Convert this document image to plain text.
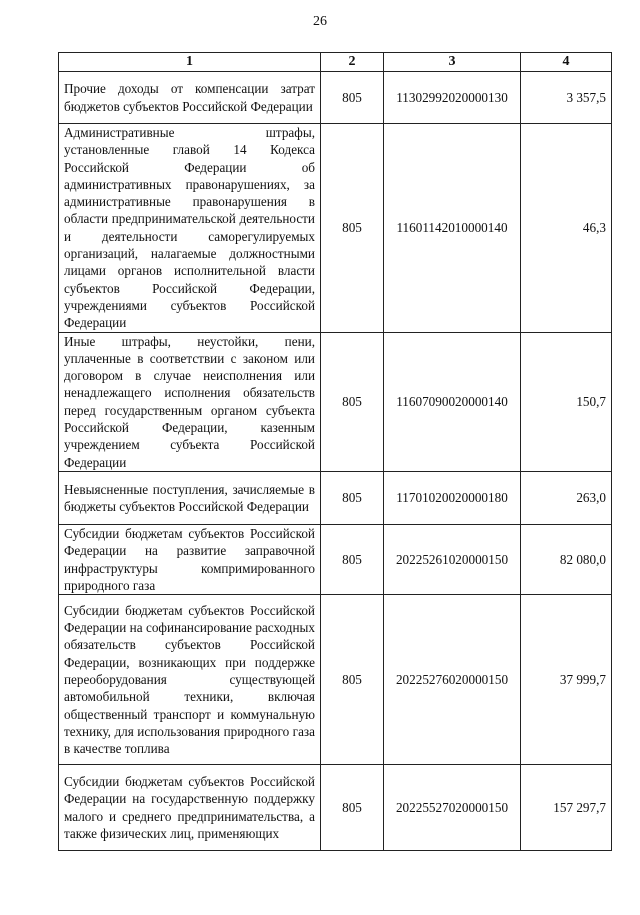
26
1	2	3	4
Прочие доходы от компенсации затрат бюджетов субъектов Российской Федерации	805	11302992020000130	3 357,5
Административные штрафы, установленные главой 14 Кодекса Российской Федерации об административных правонарушениях, за административные правонарушения в области предпринимательской деятельности и деятельности саморегулируемых организаций, налагаемые должностными лицами органов исполнительной власти субъектов Российской Федерации, учреждениями субъектов Российской Федерации	805	11601142010000140	46,3
Иные штрафы, неустойки, пени, уплаченные в соответствии с законом или договором в случае неисполнения или ненадлежащего исполнения обязательств перед государственным органом субъекта Российской Федерации, казенным учреждением субъекта Российской Федерации	805	11607090020000140	150,7
Невыясненные поступления, зачисляемые в бюджеты субъектов Российской Федерации	805	11701020020000180	263,0
Субсидии бюджетам субъектов Российской Федерации на развитие заправочной инфраструктуры компримированного природного газа	805	20225261020000150	82 080,0
Субсидии бюджетам субъектов Российской Федерации на софинансирование расходных обязательств субъектов Российской Федерации, возникающих при поддержке переоборудования существующей автомобильной техники, включая общественный транспорт и коммунальную технику, для использования природного газа в качестве топлива	805	20225276020000150	37 999,7
Субсидии бюджетам субъектов Российской Федерации на государственную поддержку малого и среднего предпринимательства, а также физических лиц, применяющих	805	20225527020000150	157 297,7
